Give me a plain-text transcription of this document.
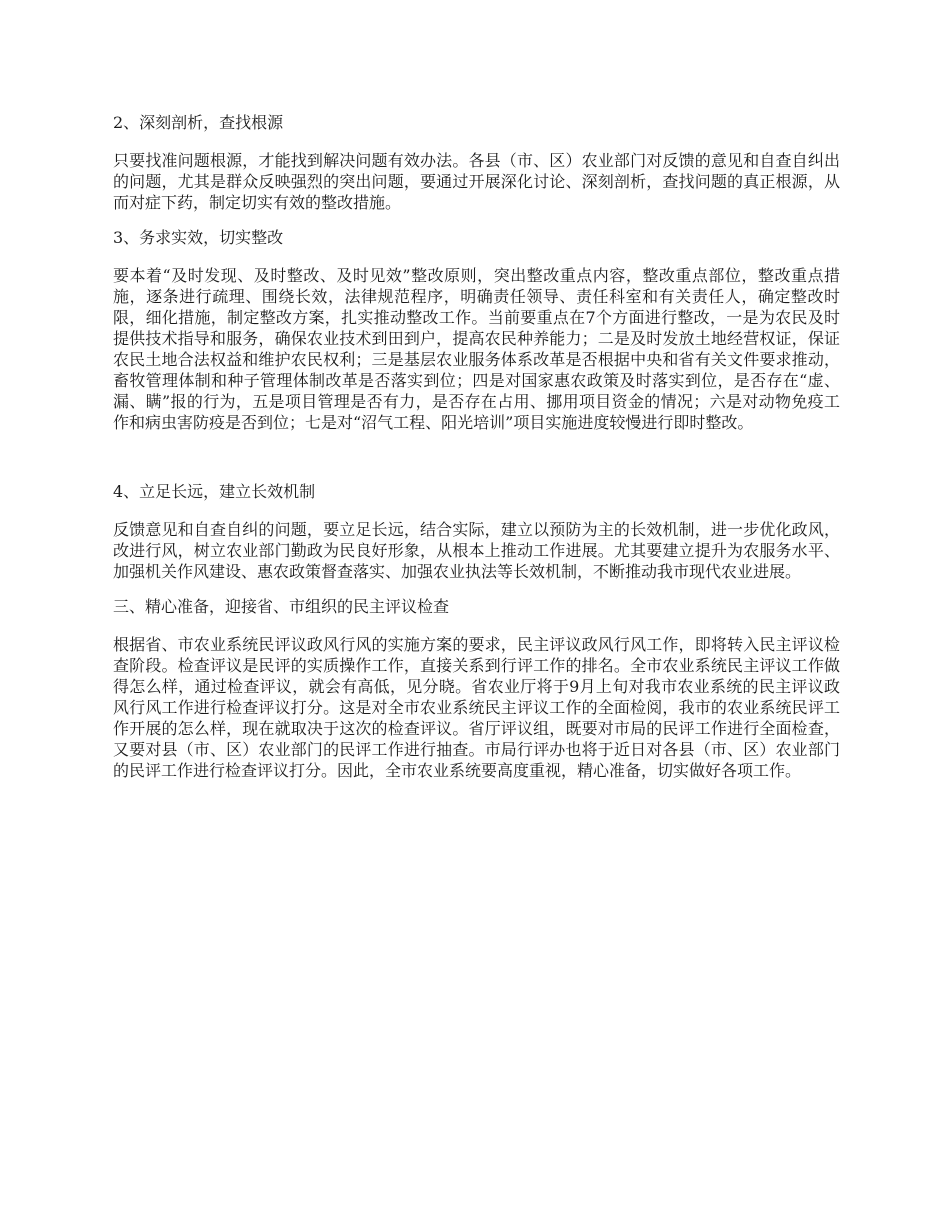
2、深刻剖析，查找根源

只要找准问题根源，才能找到解决问题有效办法。各县（市、区）农业部门对反馈的意见和自查自纠出的问题，尤其是群众反映强烈的突出问题，要通过开展深化讨论、深刻剖析，查找问题的真正根源，从而对症下药，制定切实有效的整改措施。

3、务求实效，切实整改

要本着“及时发现、及时整改、及时见效”整改原则，突出整改重点内容，整改重点部位，整改重点措施，逐条进行疏理、围绕长效，法律规范程序，明确责任领导、责任科室和有关责任人，确定整改时限，细化措施，制定整改方案，扎实推动整改工作。当前要重点在7个方面进行整改，一是为农民及时提供技术指导和服务，确保农业技术到田到户，提高农民种养能力；二是及时发放土地经营权证，保证农民土地合法权益和维护农民权利；三是基层农业服务体系改革是否根据中央和省有关文件要求推动，畜牧管理体制和种子管理体制改革是否落实到位；四是对国家惠农政策及时落实到位，是否存在“虚、漏、瞒”报的行为，五是项目管理是否有力，是否存在占用、挪用项目资金的情况；六是对动物免疫工作和病虫害防疫是否到位；七是对“沼气工程、阳光培训”项目实施进度较慢进行即时整改。

4、立足长远，建立长效机制

反馈意见和自查自纠的问题，要立足长远，结合实际，建立以预防为主的长效机制，进一步优化政风，改进行风，树立农业部门勤政为民良好形象，从根本上推动工作进展。尤其要建立提升为农服务水平、加强机关作风建设、惠农政策督查落实、加强农业执法等长效机制，不断推动我市现代农业进展。

三、精心准备，迎接省、市组织的民主评议检查

根据省、市农业系统民评议政风行风的实施方案的要求，民主评议政风行风工作，即将转入民主评议检查阶段。检查评议是民评的实质操作工作，直接关系到行评工作的排名。全市农业系统民主评议工作做得怎么样，通过检查评议，就会有高低，见分晓。省农业厅将于9月上旬对我市农业系统的民主评议政风行风工作进行检查评议打分。这是对全市农业系统民主评议工作的全面检阅，我市的农业系统民评工作开展的怎么样，现在就取决于这次的检查评议。省厅评议组，既要对市局的民评工作进行全面检查，又要对县（市、区）农业部门的民评工作进行抽查。市局行评办也将于近日对各县（市、区）农业部门的民评工作进行检查评议打分。因此，全市农业系统要高度重视，精心准备，切实做好各项工作。
